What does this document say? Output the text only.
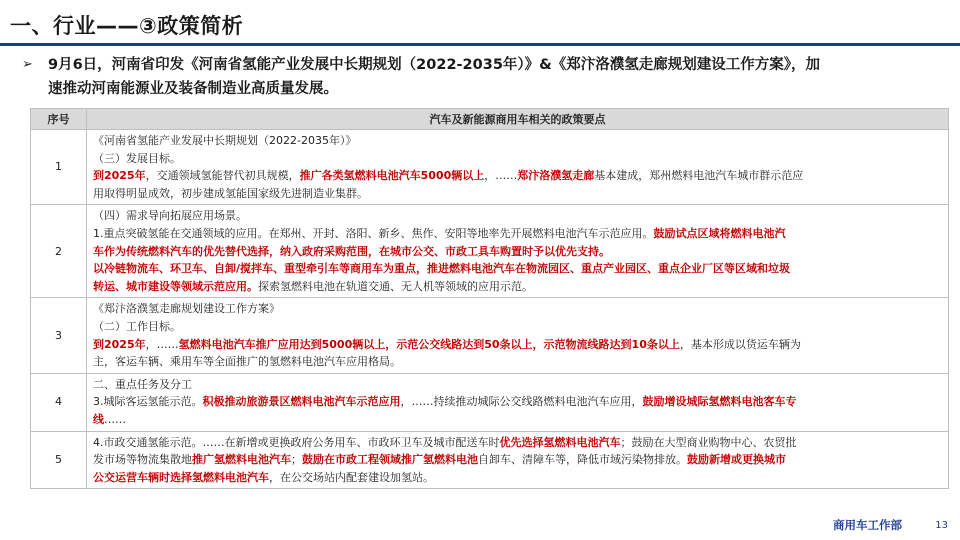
一、行业——③政策简析
➢ 9月6日，河南省印发《河南省氢能产业发展中长期规划（2022-2035年）》&《郑汴洛濮氢走廊规划建设工作方案》，加
速推动河南能源业及装备制造业高质量发展。
序号	汽车及新能源商用车相关的政策要点
1	《河南省氢能产业发展中长期规划（2022-2035年）》
（三）发展目标。
到2025年，交通领域氢能替代初具规模，推广各类氢燃料电池汽车5000辆以上，……郑汴洛濮氢走廊基本建成，郑州燃料电池汽车城市群示范应
用取得明显成效，初步建成氢能国家级先进制造业集群。

2	（四）需求导向拓展应用场景。
1.重点突破氢能在交通领域的应用。在郑州、开封、洛阳、新乡、焦作、安阳等地率先开展燃料电池汽车示范应用。鼓励试点区域将燃料电池汽
车作为传统燃料汽车的优先替代选择，纳入政府采购范围，在城市公交、市政工具车购置时予以优先支持。
以冷链物流车、环卫车、自卸/搅拌车、重型牵引车等商用车为重点，推进燃料电池汽车在物流园区、重点产业园区、重点企业厂区等区域和垃圾
转运、城市建设等领域示范应用。探索氢燃料电池在轨道交通、无人机等领域的应用示范。

3	《郑汴洛濮氢走廊规划建设工作方案》
（二）工作目标。
到2025年，……氢燃料电池汽车推广应用达到5000辆以上，示范公交线路达到50条以上，示范物流线路达到10条以上，基本形成以货运车辆为
主，客运车辆、乘用车等全面推广的氢燃料电池汽车应用格局。

4	二、重点任务及分工
3.城际客运氢能示范。积极推动旅游景区燃料电池汽车示范应用，……持续推动城际公交线路燃料电池汽车应用，鼓励增设城际氢燃料电池客车专
线……

5	4.市政交通氢能示范。……在新增或更换政府公务用车、市政环卫车及城市配送车时优先选择氢燃料电池汽车；鼓励在大型商业购物中心、农贸批
发市场等物流集散地推广氢燃料电池汽车；鼓励在市政工程领域推广氢燃料电池自卸车、清障车等，降低市域污染物排放。鼓励新增或更换城市
公交运营车辆时选择氢燃料电池汽车，在公交场站内配套建设加氢站。
商用车工作部	13
